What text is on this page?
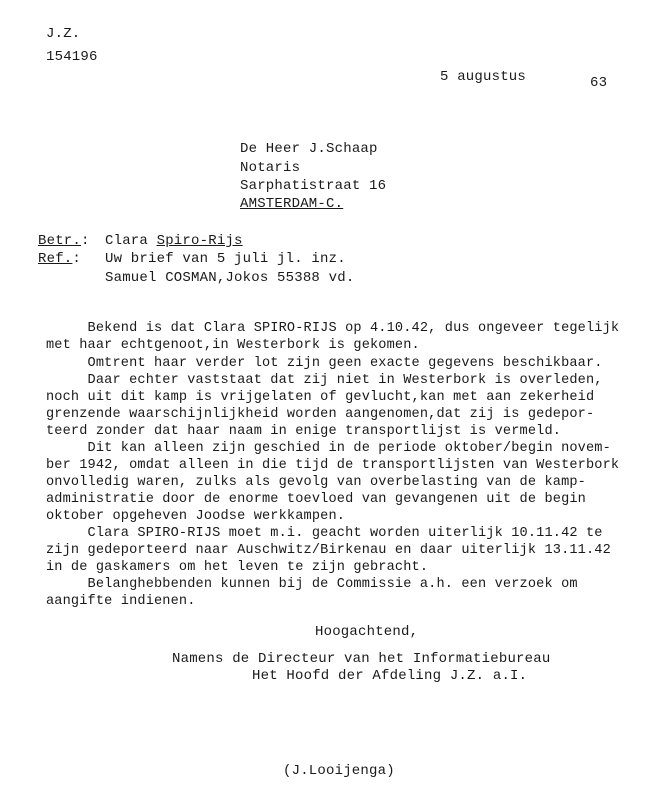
J.Z.
154196
5 augustus	63
De Heer J.Schaap
Notaris
Sarphatistraat 16
AMSTERDAM-C.
Betr.: Clara Spiro-Rijs
Ref.: Uw brief van 5 juli jl. inz.
Samuel COSMAN,Jokos 55388 vd.
Bekend is dat Clara SPIRO-RIJS op 4.10.42, dus ongeveer tegelijk
met haar echtgenoot,in Westerbork is gekomen.
Omtrent haar verder lot zijn geen exacte gegevens beschikbaar.
Daar echter vaststaat dat zij niet in Westerbork is overleden,
noch uit dit kamp is vrijgelaten of gevlucht,kan met aan zekerheid
grenzende waarschijnlijkheid worden aangenomen,dat zij is gedepor-
teerd zonder dat haar naam in enige transportlijst is vermeld.
Dit kan alleen zijn geschied in de periode oktober/begin novem-
ber 1942, omdat alleen in die tijd de transportlijsten van Westerbork
onvolledig waren, zulks als gevolg van overbelasting van de kamp-
administratie door de enorme toevloed van gevangenen uit de begin
oktober opgeheven Joodse werkkampen.
Clara SPIRO-RIJS moet m.i. geacht worden uiterlijk 10.11.42 te
zijn gedeporteerd naar Auschwitz/Birkenau en daar uiterlijk 13.11.42
in de gaskamers om het leven te zijn gebracht.
Belanghebbenden kunnen bij de Commissie a.h. een verzoek om
aangifte indienen.
Hoogachtend,
Namens de Directeur van het Informatiebureau
Het Hoofd der Afdeling J.Z. a.I.
(J.Looijenga)
